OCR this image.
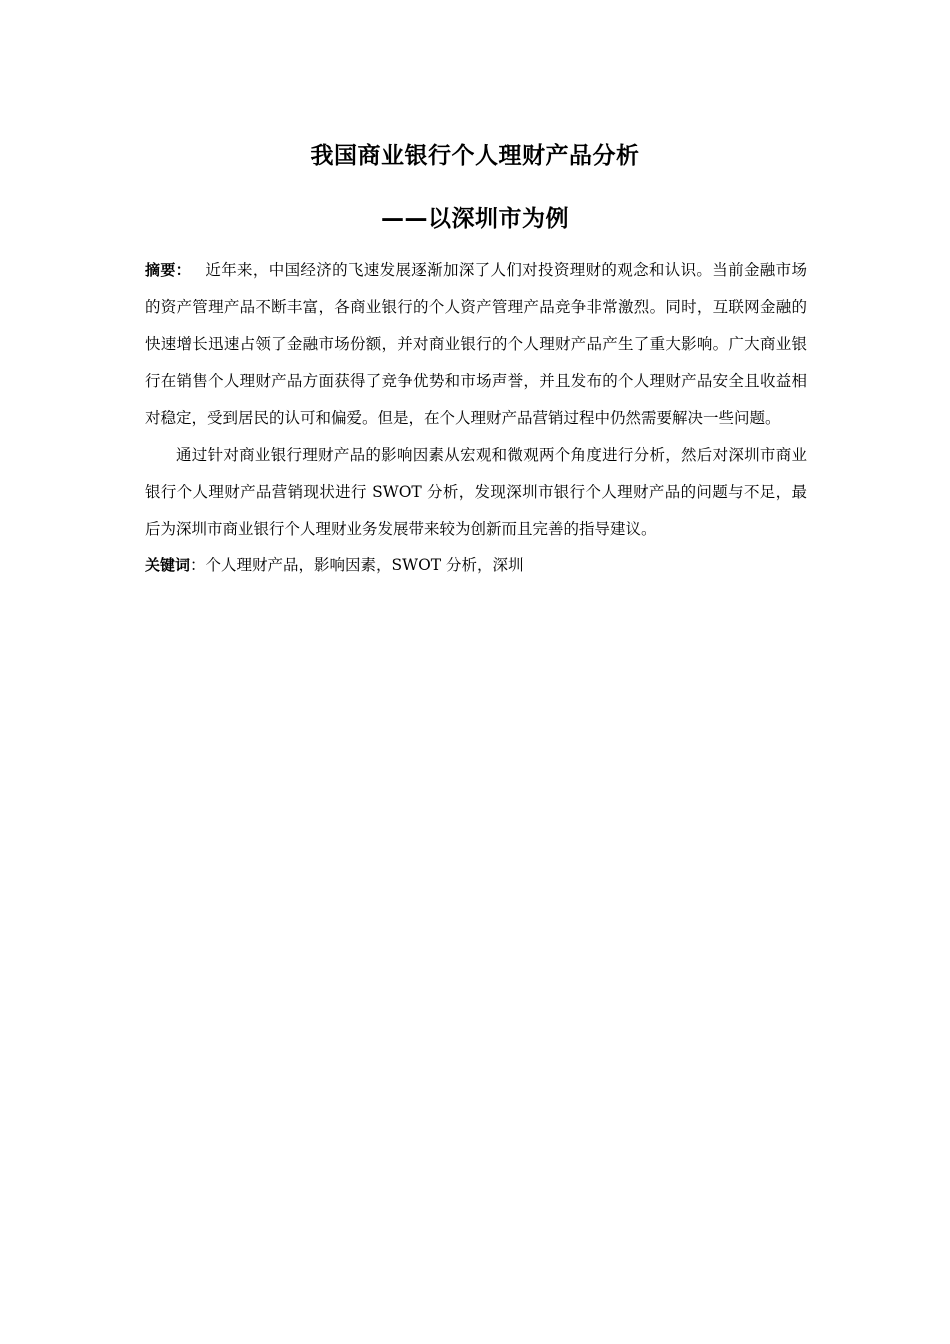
我国商业银行个人理财产品分析
——以深圳市为例

摘要： 近年来，中国经济的飞速发展逐渐加深了人们对投资理财的观念和认识。当前金融市场的资产管理产品不断丰富，各商业银行的个人资产管理产品竞争非常激烈。同时，互联网金融的快速增长迅速占领了金融市场份额，并对商业银行的个人理财产品产生了重大影响。广大商业银行在销售个人理财产品方面获得了竞争优势和市场声誉，并且发布的个人理财产品安全且收益相对稳定，受到居民的认可和偏爱。但是，在个人理财产品营销过程中仍然需要解决一些问题。

通过针对商业银行理财产品的影响因素从宏观和微观两个角度进行分析，然后对深圳市商业银行个人理财产品营销现状进行 SWOT 分析，发现深圳市银行个人理财产品的问题与不足，最后为深圳市商业银行个人理财业务发展带来较为创新而且完善的指导建议。

关键词：个人理财产品，影响因素，SWOT 分析，深圳
